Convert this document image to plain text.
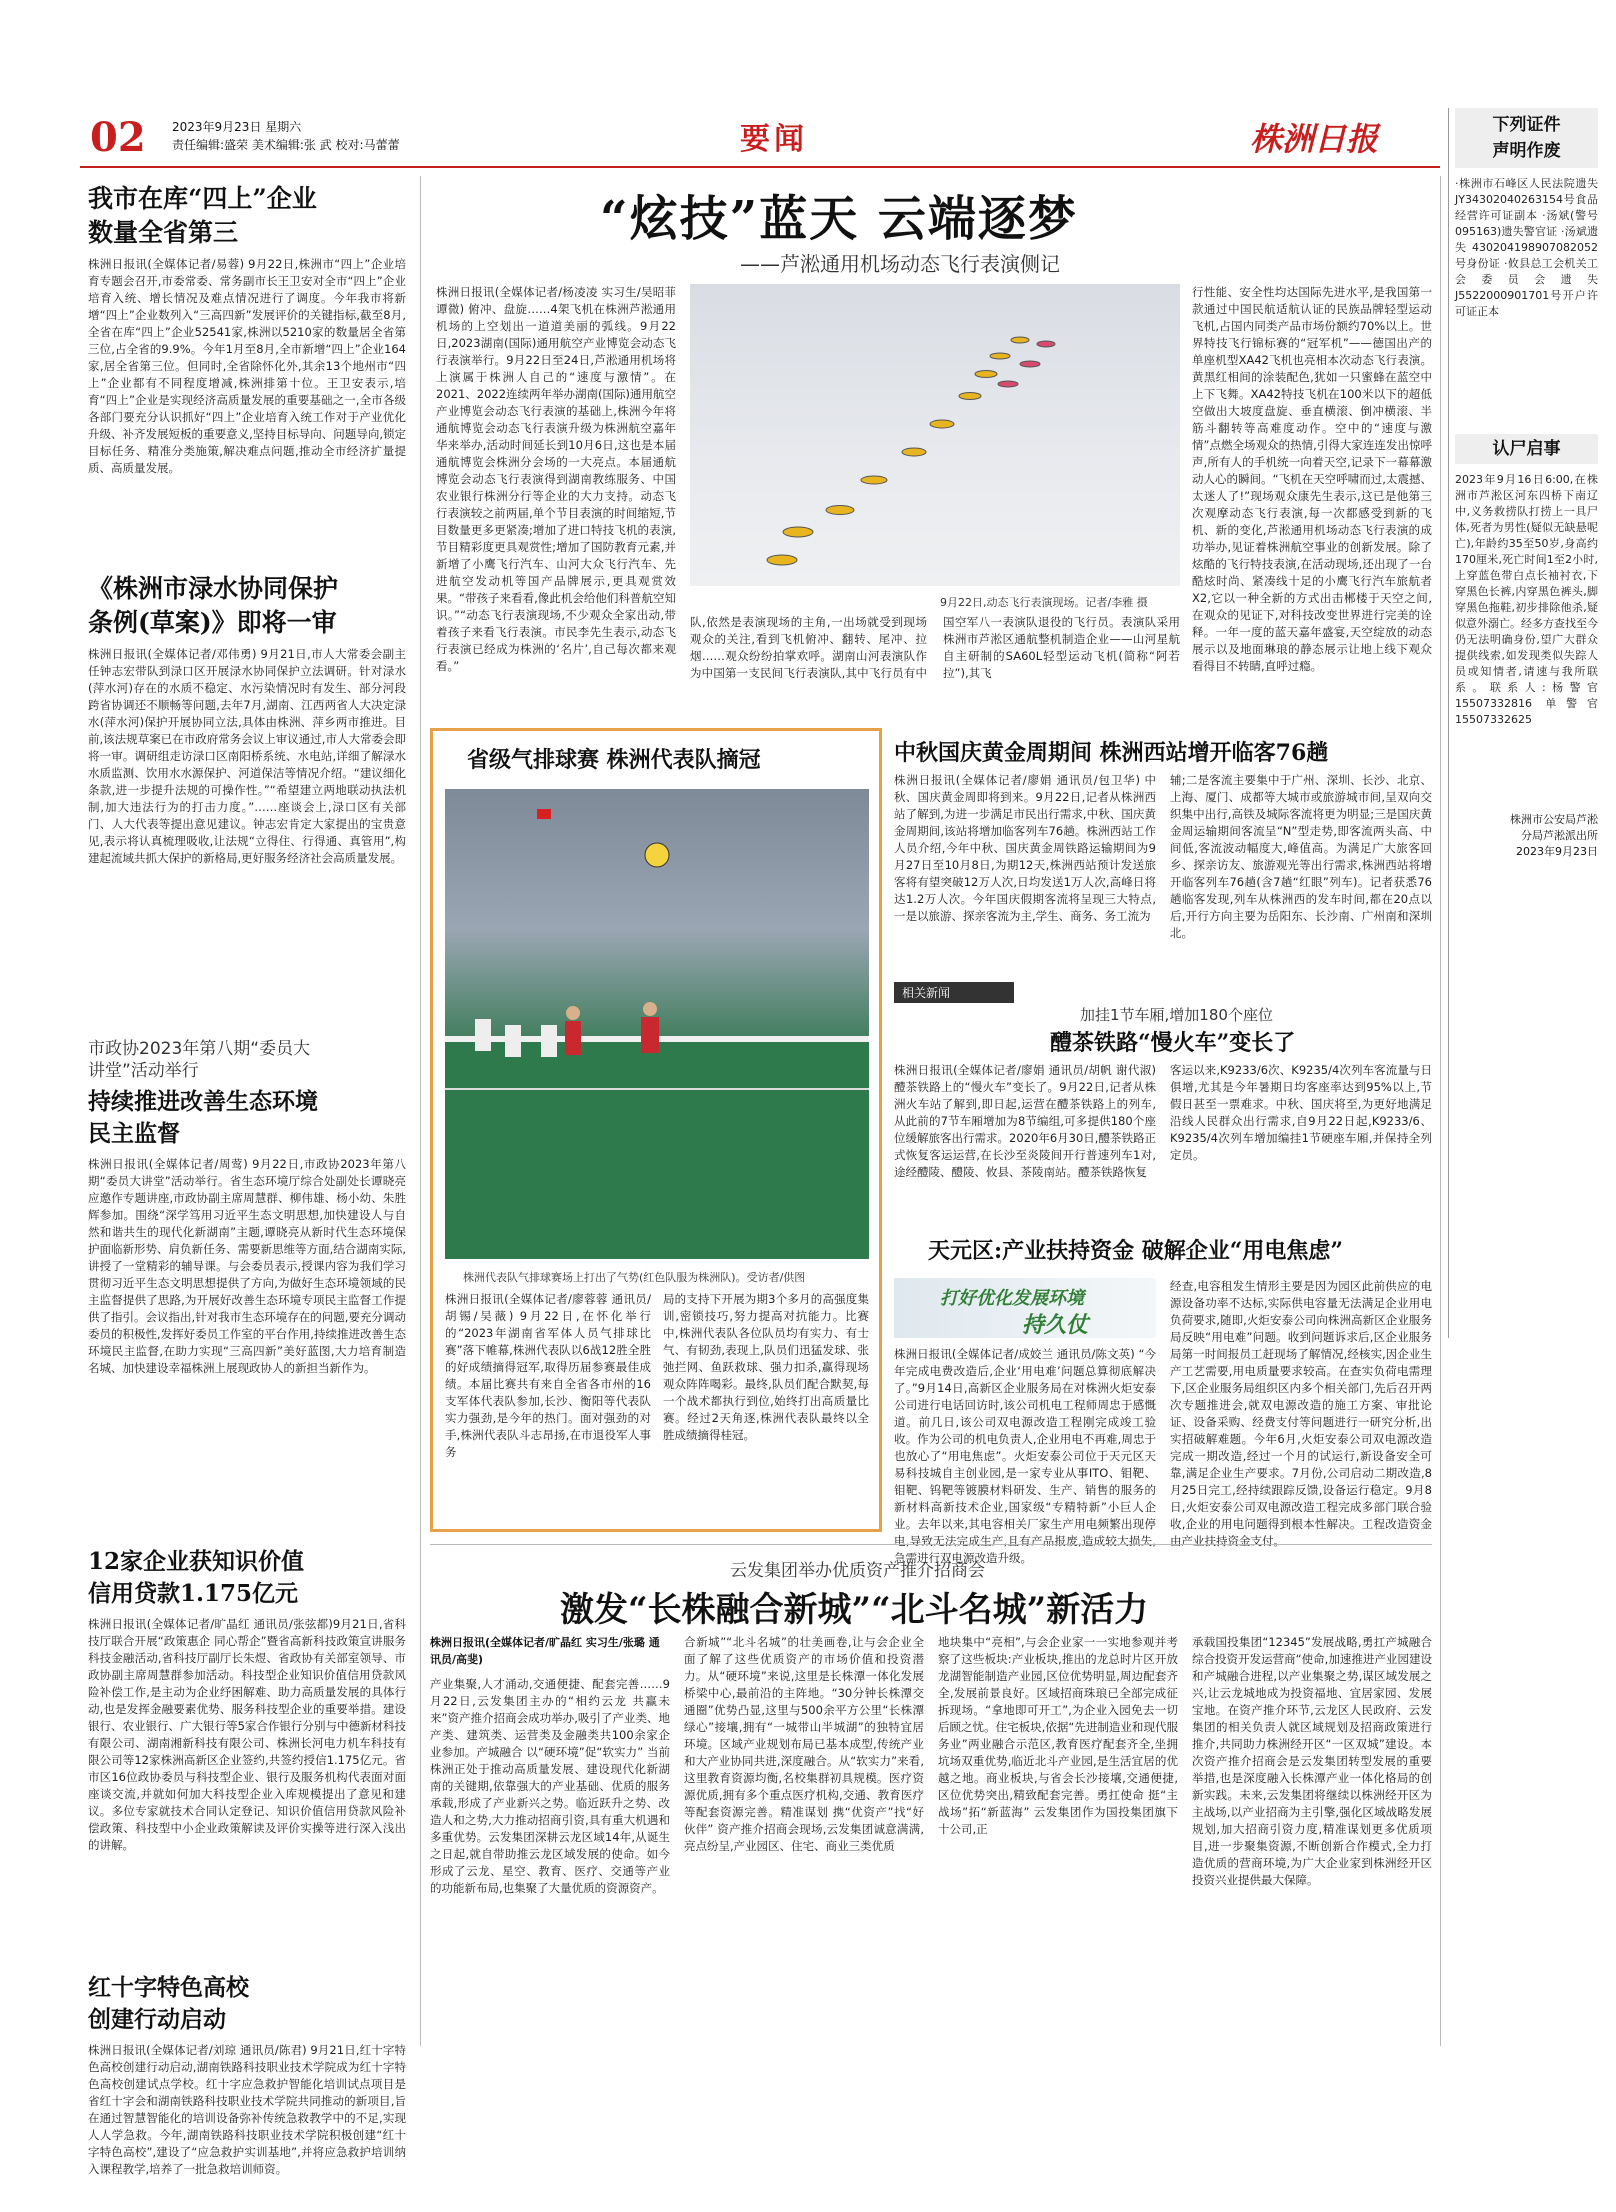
02 2023年9月23日 星期六
责任编辑:盛荣 美术编辑:张 武 校对:马蕾蕾	要闻	株洲日报
我市在库“四上”企业
数量全省第三

株洲日报讯(全媒体记者/易蓉) 9月22日,株洲市“四上”企业培育专题会召开,市委常委、常务副市长王卫安对全市“四上”企业培育入统、增长情况及难点情况进行了调度。今年我市将新增“四上”企业数列入“三高四新”发展评价的关键指标,截至8月,全省在库“四上”企业52541家,株洲以5210家的数量居全省第三位,占全省的9.9%。今年1月至8月,全市新增“四上”企业164家,居全省第三位。但同时,全省除怀化外,其余13个地州市“四上”企业都有不同程度增减,株洲排第十位。王卫安表示,培育“四上”企业是实现经济高质量发展的重要基础之一,全市各级各部门要充分认识抓好“四上”企业培育入统工作对于产业优化升级、补齐发展短板的重要意义,坚持目标导向、问题导向,锁定目标任务、精准分类施策,解决难点问题,推动全市经济扩量提质、高质量发展。

《株洲市渌水协同保护
条例(草案)》即将一审

株洲日报讯(全媒体记者/邓伟勇) 9月21日,市人大常委会副主任钟志宏带队到渌口区开展渌水协同保护立法调研。针对渌水(萍水河)存在的水质不稳定、水污染情况时有发生、部分河段跨省协调还不顺畅等问题,去年7月,湖南、江西两省人大决定渌水(萍水河)保护开展协同立法,具体由株洲、萍乡两市推进。目前,该法规草案已在市政府常务会议上审议通过,市人大常委会即将一审。调研组走访渌口区南阳桥系统、水电站,详细了解渌水水质监测、饮用水水源保护、河道保洁等情况介绍。“建议细化条款,进一步提升法规的可操作性。”“希望建立两地联动执法机制,加大违法行为的打击力度。”……座谈会上,渌口区有关部门、人大代表等提出意见建议。钟志宏肯定大家提出的宝贵意见,表示将认真梳理吸收,让法规“立得住、行得通、真管用”,构建起流域共抓大保护的新格局,更好服务经济社会高质量发展。

市政协2023年第八期“委员大
讲堂”活动举行
持续推进改善生态环境
民主监督

株洲日报讯(全媒体记者/周莺) 9月22日,市政协2023年第八期“委员大讲堂”活动举行。省生态环境厅综合处副处长谭晓亮应邀作专题讲座,市政协副主席周慧群、柳伟雄、杨小幼、朱胜辉参加。围绕“深学笃用习近平生态文明思想,加快建设人与自然和谐共生的现代化新湖南”主题,谭晓亮从新时代生态环境保护面临新形势、肩负新任务、需要新思维等方面,结合湖南实际,讲授了一堂精彩的辅导课。与会委员表示,授课内容为我们学习贯彻习近平生态文明思想提供了方向,为做好生态环境领域的民主监督提供了思路,为开展好改善生态环境专项民主监督工作提供了指引。会议指出,针对我市生态环境存在的问题,要充分调动委员的积极性,发挥好委员工作室的平台作用,持续推进改善生态环境民主监督,在助力实现“三高四新”美好蓝图,大力培育制造名城、加快建设幸福株洲上展现政协人的新担当新作为。

12家企业获知识价值
信用贷款1.175亿元

株洲日报讯(全媒体记者/旷晶红 通讯员/张弦都)9月21日,省科技厅联合开展“政策惠企 同心帮企”暨省高新科技政策宣讲服务科技金融活动,省科技厅副厅长朱煜、省政协有关部室领导、市政协副主席周慧群参加活动。科技型企业知识价值信用贷款风险补偿工作,是主动为企业纾困解难、助力高质量发展的具体行动,也是发挥金融要素优势、服务科技型企业的重要举措。建设银行、农业银行、广大银行等5家合作银行分别与中德新材科技有限公司、湖南湘新科技有限公司、株洲长河电力机车科技有限公司等12家株洲高新区企业签约,共签约授信1.175亿元。省市区16位政协委员与科技型企业、银行及服务机构代表面对面座谈交流,并就如何加大科技型企业入库规模提出了意见和建议。多位专家就技术合同认定登记、知识价值信用贷款风险补偿政策、科技型中小企业政策解读及评价实操等进行深入浅出的讲解。

红十字特色高校
创建行动启动

株洲日报讯(全媒体记者/刘琼 通讯员/陈君) 9月21日,红十字特色高校创建行动启动,湖南铁路科技职业技术学院成为红十字特色高校创建试点学校。红十字应急救护智能化培训试点项目是省红十字会和湖南铁路科技职业技术学院共同推动的新项目,旨在通过智慧智能化的培训设备弥补传统急救教学中的不足,实现人人学急救。今年,湖南铁路科技职业技术学院积极创建“红十字特色高校”,建设了“应急救护实训基地”,并将应急救护培训纳入课程教学,培养了一批急救培训师资。

下列证件
声明作废

·株洲市石峰区人民法院遗失JY34302040263154号食品经营许可证副本 ·汤斌(警号095163)遗失警官证 ·汤斌遗失430204198907082052号身份证 ·攸县总工会机关工会委员会遗失J5522000901701号开户许可证正本

认尸启事

2023年9月16日6:00,在株洲市芦淞区河东四桥下南辽中,义务救捞队打捞上一具尸体,死者为男性(疑似无缺悬呢亡),年龄约35至50岁,身高约170厘米,死亡时间1至2小时,上穿蓝色带白点长袖衬衣,下穿黑色长裤,内穿黑色裤头,脚穿黑色拖鞋,初步排除他杀,疑似意外溺亡。经多方查找至今仍无法明确身份,望广大群众提供线索,如发现类似失踪人员或知情者,请速与我所联系。联系人:杨警官15507332816 单警官15507332625

株洲市公安局芦淞
分局芦淞派出所
2023年9月23日
“炫技”蓝天 云端逐梦
——芦淞通用机场动态飞行表演侧记

株洲日报讯(全媒体记者/杨凌凌 实习生/吴昭菲 谭微) 俯冲、盘旋……4架飞机在株洲芦淞通用机场的上空划出一道道美丽的弧线。9月22日,2023湖南(国际)通用航空产业博览会动态飞行表演举行。9月22日至24日,芦淞通用机场将上演属于株洲人自己的“速度与激情”。在2021、2022连续两年举办湖南(国际)通用航空产业博览会动态飞行表演的基础上,株洲今年将通航博览会动态飞行表演升级为株洲航空嘉年华来举办,活动时间延长到10月6日,这也是本届通航博览会株洲分会场的一大亮点。本届通航博览会动态飞行表演得到湖南教练服务、中国农业银行株洲分行等企业的大力支持。动态飞行表演较之前两届,单个节目表演的时间缩短,节目数量更多更紧凑;增加了进口特技飞机的表演,节目精彩度更具观赏性;增加了国防教育元素,并新增了小鹰飞行汽车、山河大众飞行汽车、先进航空发动机等国产品牌展示,更具观赏效果。“带孩子来看看,像此机会给他们科普航空知识。”“动态飞行表演现场,不少观众全家出动,带着孩子来看飞行表演。市民李先生表示,动态飞行表演已经成为株洲的‘名片’,自己每次都来观看。”

9月22日,动态飞行表演现场。记者/李雅 摄

队,依然是表演现场的主角,一出场就受到现场观众的关注,看到飞机俯冲、翻转、尾冲、拉烟……观众纷纷拍掌欢呼。湖南山河表演队作为中国第一支民间飞行表演队,其中飞行员有中国空军八一表演队退役的飞行员。表演队采用株洲市芦淞区通航整机制造企业——山河星航自主研制的SA60L轻型运动飞机(简称“阿若拉”),其飞

行性能、安全性均达国际先进水平,是我国第一款通过中国民航适航认证的民族品牌轻型运动飞机,占国内同类产品市场份额约70%以上。世界特技飞行锦标赛的“冠军机”——德国出产的单座机型XA42飞机也亮相本次动态飞行表演。黄黑红相间的涂装配色,犹如一只蜜蜂在蓝空中上下飞舞。XA42特技飞机在100米以下的超低空做出大坡度盘旋、垂直横滚、倒冲横滚、半筋斗翻转等高难度动作。空中的“速度与激情”点燃全场观众的热情,引得大家连连发出惊呼声,所有人的手机统一向着天空,记录下一幕幕激动人心的瞬间。“飞机在天空呼啸而过,太震撼、太迷人了!”现场观众康先生表示,这已是他第三次观摩动态飞行表演,每一次都感受到新的飞机、新的变化,芦淞通用机场动态飞行表演的成功举办,见证着株洲航空事业的创新发展。除了炫酷的飞行特技表演,在活动现场,还出现了一台酷炫时尚、紧凑线十足的小鹰飞行汽车旅航者X2,它以一种全新的方式出击郴楼于天空之间,在观众的见证下,对科技改变世界进行完美的诠释。一年一度的蓝天嘉年盛宴,天空绽放的动态展示以及地面琳琅的静态展示让地上线下观众看得目不转睛,直呼过瘾。

省级气排球赛 株洲代表队摘冠
株洲代表队气排球赛场上打出了气势(红色队服为株洲队)。受访者/供图

株洲日报讯(全媒体记者/廖蓉蓉 通讯员/胡锡/吴薇) 9月22日,在怀化举行的“2023年湖南省军体人员气排球比赛”落下帷幕,株洲代表队以6战12胜全胜的好成绩摘得冠军,取得历届参赛最佳成绩。本届比赛共有来自全省各市州的16支军体代表队参加,长沙、衡阳等代表队实力强劲,是今年的热门。面对强劲的对手,株洲代表队斗志昂扬,在市退役军人事务

局的支持下开展为期3个多月的高强度集训,密锁技巧,努力提高对抗能力。比赛中,株洲代表队各位队员均有实力、有士气、有韧劲,表现上,队员们迅猛发球、张弛拦网、鱼跃救球、强力扣杀,赢得现场观众阵阵喝彩。最终,队员们配合默契,每一个战术都执行到位,始终打出高质量比赛。经过2天角逐,株洲代表队最终以全胜成绩摘得桂冠。

中秋国庆黄金周期间 株洲西站增开临客76趟

株洲日报讯(全媒体记者/廖娟 通讯员/包卫华) 中秋、国庆黄金周即将到来。9月22日,记者从株洲西站了解到,为进一步满足市民出行需求,中秋、国庆黄金周期间,该站将增加临客列车76趟。株洲西站工作人员介绍,今年中秋、国庆黄金周铁路运输期间为9月27日至10月8日,为期12天,株洲西站预计发送旅客将有望突破12万人次,日均发送1万人次,高峰日将达1.2万人次。今年国庆假期客流将呈现三大特点,一是以旅游、探亲客流为主,学生、商务、务工流为

辅;二是客流主要集中于广州、深圳、长沙、北京、上海、厦门、成都等大城市或旅游城市间,呈双向交织集中出行,高铁及城际客流将更为明显;三是国庆黄金周运输期间客流呈“N”型走势,即客流两头高、中间低,客流波动幅度大,峰值高。为满足广大旅客回乡、探亲访友、旅游观光等出行需求,株洲西站将增开临客列车76趟(含7趟“红眼”列车)。记者获悉76趟临客发现,列车从株洲西的发车时间,都在20点以后,开行方向主要为岳阳东、长沙南、广州南和深圳北。

相关新闻
加挂1节车厢,增加180个座位
醴茶铁路“慢火车”变长了

株洲日报讯(全媒体记者/廖娟 通讯员/胡帆 谢代淑) 醴茶铁路上的“慢火车”变长了。9月22日,记者从株洲火车站了解到,即日起,运营在醴茶铁路上的列车,从此前的7节车厢增加为8节编组,可多提供180个座位缓解旅客出行需求。2020年6月30日,醴茶铁路正式恢复客运运营,在长沙至炎陵间开行普速列车1对,途经醴陵、醴陵、攸县、茶陵南站。醴茶铁路恢复

客运以来,K9233/6次、K9235/4次列车客流量与日俱增,尤其是今年暑期日均客座率达到95%以上,节假日甚至一票难求。中秋、国庆将至,为更好地满足沿线人民群众出行需求,自9月22日起,K9233/6、K9235/4次列车增加编挂1节硬座车厢,并保持全列定员。

天元区:产业扶持资金 破解企业“用电焦虑”
打好优化发展环境
持久仗

株洲日报讯(全媒体记者/成姣兰 通讯员/陈文英) “今年完成电费改造后,企业‘用电难’问题总算彻底解决了。”9月14日,高新区企业服务局在对株洲火炬安泰公司进行电话回访时,该公司机电工程师周忠于感慨道。前几日,该公司双电源改造工程刚完成竣工验收。作为公司的机电负责人,企业用电不再难,周忠于也放心了“用电焦虑”。火炬安泰公司位于天元区天易科技城自主创业园,是一家专业从事ITO、钼靶、钼靶、钨靶等镀膜材料研发、生产、销售的服务的新材料高新技术企业,国家级“专精特新”小巨人企业。去年以来,其电容相关厂家生产用电频繁出现停电,导致无法完成生产,且有产品报废,造成较大损失,急需进行双电源改造升级。

经查,电容租发生情形主要是因为园区此前供应的电源设备功率不达标,实际供电容量无法满足企业用电负荷要求,随即,火炬安泰公司向株洲高新区企业服务局反映“用电难”问题。收到问题诉求后,区企业服务局第一时间报员工赶现场了解情况,经核实,因企业生产工艺需要,用电质量要求较高。在查实负荷电需理下,区企业服务局组织区内多个相关部门,先后召开两次专题推进会,就双电源改造的施工方案、审批论证、设备采购、经费支付等问题进行一研究分析,出实招破解难题。今年6月,火炬安泰公司双电源改造完成一期改造,经过一个月的试运行,新设备安全可靠,满足企业生产要求。7月份,公司启动二期改造,8月25日完工,经持续跟踪反馈,设备运行稳定。9月8日,火炬安泰公司双电源改造工程完成多部门联合验收,企业的用电问题得到根本性解决。工程改造资金由产业扶持资金支付。

云发集团举办优质资产推介招商会
激发“长株融合新城”“北斗名城”新活力
株洲日报讯(全媒体记者/旷晶红 实习生/张璐 通讯员/高斐)

产业集聚,人才涌动,交通便捷、配套完善……9月22日,云发集团主办的“相约云龙 共赢未来”资产推介招商会成功举办,吸引了产业类、地产类、建筑类、运营类及金融类共100余家企业参加。产城融合 以“硬环境”促“软实力” 当前株洲正处于推动高质量发展、建设现代化新湖南的关键期,依靠强大的产业基础、优质的服务承载,形成了产业新兴之势。临近跃升之势、改造人和之势,大力推动招商引资,具有重大机遇和多重优势。云发集团深耕云龙区域14年,从诞生之日起,就自带助推云龙区域发展的使命。如今形成了云龙、星空、教育、医疗、交通等产业的功能新布局,也集聚了大量优质的资源资产。

合新城”“北斗名城”的壮美画卷,让与会企业全面了解了这些优质资产的市场价值和投资潜力。从“硬环境”来说,这里是长株潭一体化发展桥梁中心,最前沿的主阵地。“30分钟长株潭交通圈”优势凸显,这里与500余平方公里“长株潭绿心”接壤,拥有“一城带山半城湖”的独特宜居环境。区域产业规划布局已基本成型,传统产业和大产业协同共进,深度融合。从“软实力”来看,这里教育资源均衡,名校集群初具规模。医疗资源优质,拥有多个重点医疗机构,交通、教育医疗等配套资源完善。精准谋划 携“优资产”找“好伙伴” 资产推介招商会现场,云发集团诚意满满,亮点纷呈,产业园区、住宅、商业三类优质

地块集中“亮相”,与会企业家一一实地参观并考察了这些板块:产业板块,推出的龙总时片区开放龙湖智能制造产业园,区位优势明显,周边配套齐全,发展前景良好。区域招商珠琅已全部完成征拆现场。“拿地即可开工”,为企业入园免去一切后顾之忧。住宅板块,依据“先进制造业和现代服务业”两业融合示范区,教育医疗配套齐全,坐拥坑场双重优势,临近北斗产业园,是生活宜居的优越之地。商业板块,与省会长沙接壤,交通便捷,区位优势突出,精致配套完善。勇扛使命 挺“主战场”拓“新蓝海” 云发集团作为国投集团旗下十公司,正

承载国投集团“12345”发展战略,勇扛产城融合综合投资开发运营商“使命,加速推进产业园建设和产城融合进程,以产业集聚之势,谋区域发展之兴,让云龙城地成为投资福地、宜居家园、发展宝地。在资产推介环节,云龙区人民政府、云发集团的相关负责人就区域规划及招商政策进行推介,共同助力株洲经开区“一区双城”建设。本次资产推介招商会是云发集团转型发展的重要举措,也是深度融入长株潭产业一体化格局的创新实践。未来,云发集团将继续以株洲经开区为主战场,以产业招商为主引擎,强化区域战略发展规划,加大招商引资力度,精准谋划更多优质项目,进一步聚集资源,不断创新合作模式,全力打造优质的营商环境,为广大企业家到株洲经开区投资兴业提供最大保障。
